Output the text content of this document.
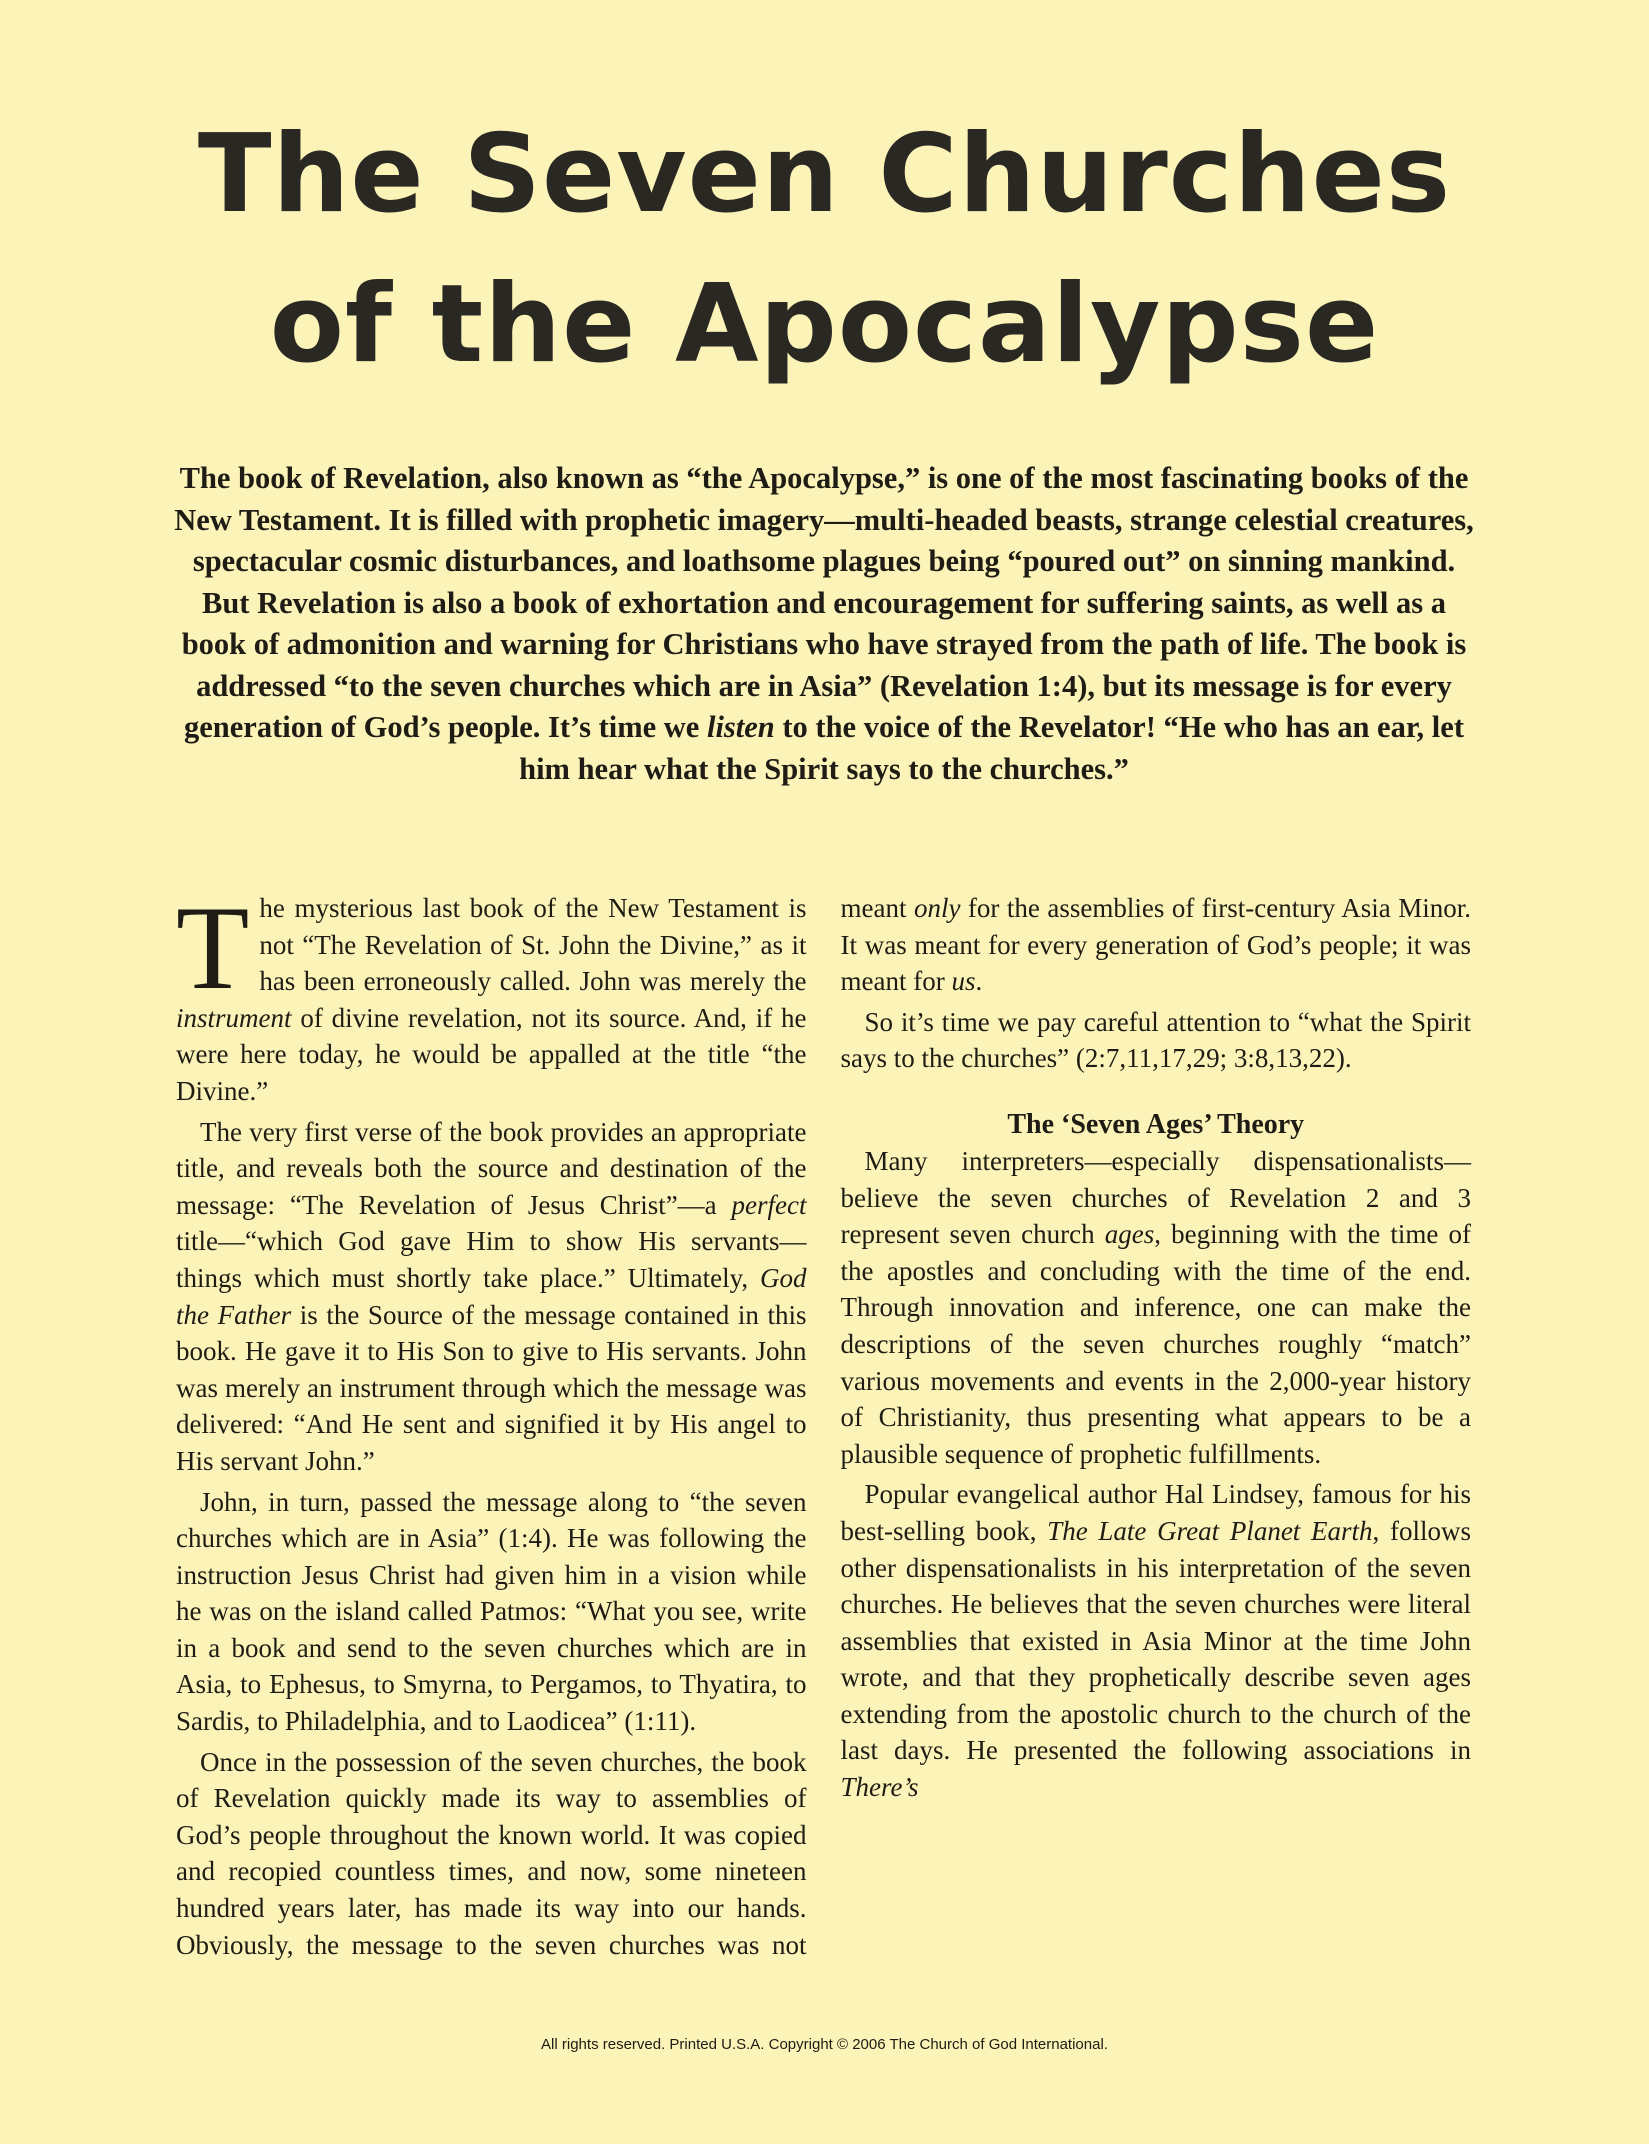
The Seven Churches
of the Apocalypse

The book of Revelation, also known as “the Apocalypse,” is one of the most fascinating books of the New Testament. It is filled with prophetic imagery—multi-headed beasts, strange celestial creatures, spectacular cosmic disturbances, and loathsome plagues being “poured out” on sinning mankind. But Revelation is also a book of exhortation and encouragement for suffering saints, as well as a book of admonition and warning for Christians who have strayed from the path of life. The book is addressed “to the seven churches which are in Asia” (Revelation 1:4), but its message is for every generation of God’s people. It’s time we listen to the voice of the Revelator! “He who has an ear, let him hear what the Spirit says to the churches.”

The mysterious last book of the New Testament is not “The Revelation of St. John the Divine,” as it has been erroneously called. John was merely the instrument of divine revelation, not its source. And, if he were here today, he would be appalled at the title “the Divine.”

The very first verse of the book provides an appropriate title, and reveals both the source and destination of the message: “The Revelation of Jesus Christ”—a perfect title—“which God gave Him to show His servants—things which must shortly take place.” Ultimately, God the Father is the Source of the message contained in this book. He gave it to His Son to give to His servants. John was merely an instrument through which the message was delivered: “And He sent and signified it by His angel to His servant John.”

John, in turn, passed the message along to “the seven churches which are in Asia” (1:4). He was following the instruction Jesus Christ had given him in a vision while he was on the island called Patmos: “What you see, write in a book and send to the seven churches which are in Asia, to Ephesus, to Smyrna, to Pergamos, to Thyatira, to Sardis, to Philadelphia, and to Laodicea” (1:11).

Once in the possession of the seven churches, the book of Revelation quickly made its way to assemblies of God’s people throughout the known world. It was copied and recopied countless times, and now, some nineteen hundred years later, has made its way into our hands. Obviously, the message to the seven churches was not meant only for the assemblies of first-century Asia Minor. It was meant for every generation of God’s people; it was meant for us.

So it’s time we pay careful attention to “what the Spirit says to the churches” (2:7,11,17,29; 3:8,13,22).

The ‘Seven Ages’ Theory

Many interpreters—especially dispensationalists—believe the seven churches of Revelation 2 and 3 represent seven church ages, beginning with the time of the apostles and concluding with the time of the end. Through innovation and inference, one can make the descriptions of the seven churches roughly “match” various movements and events in the 2,000-year history of Christianity, thus presenting what appears to be a plausible sequence of prophetic fulfillments.

Popular evangelical author Hal Lindsey, famous for his best-selling book, The Late Great Planet Earth, follows other dispensationalists in his interpretation of the seven churches. He believes that the seven churches were literal assemblies that existed in Asia Minor at the time John wrote, and that they prophetically describe seven ages extending from the apostolic church to the church of the last days. He presented the following associations in There’s

All rights reserved. Printed U.S.A. Copyright © 2006 The Church of God International.
